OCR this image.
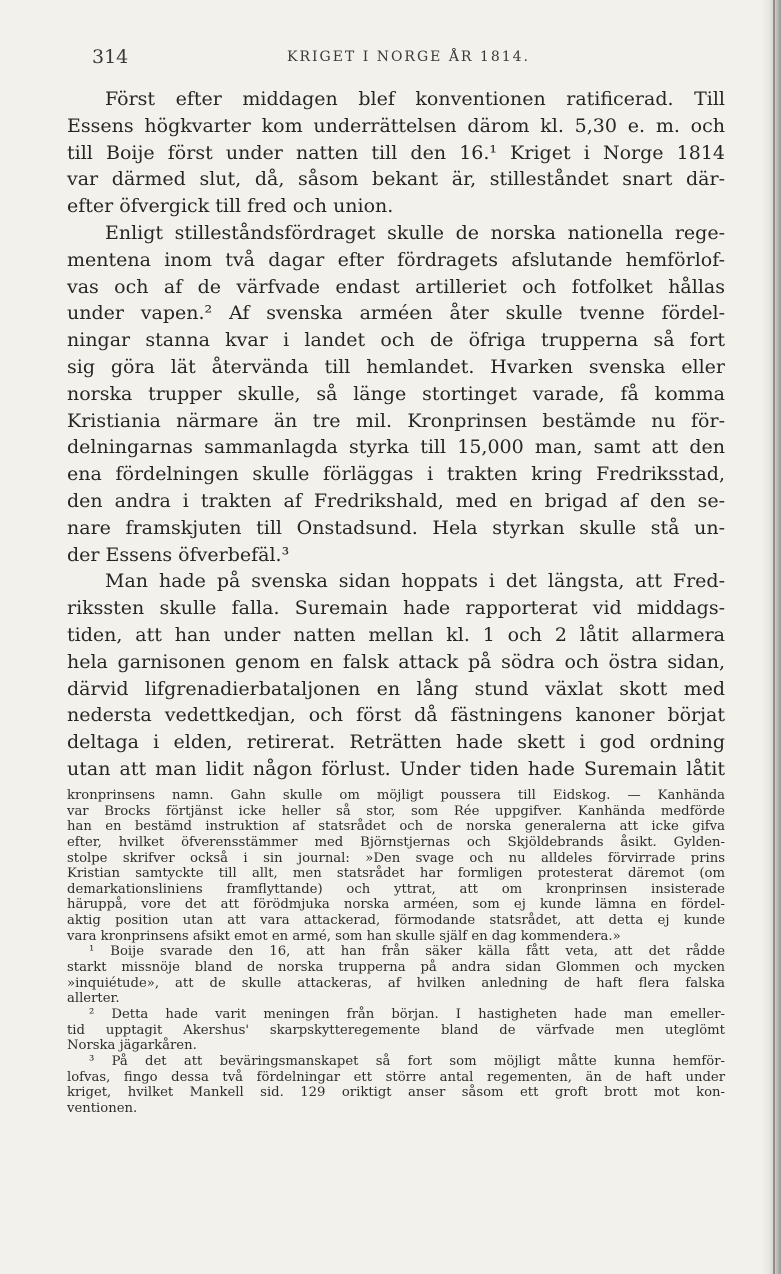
314	KRIGET I NORGE ÅR 1814.
Först efter middagen blef konventionen ratificerad. Till
Essens högkvarter kom underrättelsen därom kl. 5,30 e. m. och
till Boije först under natten till den 16.¹ Kriget i Norge 1814
var därmed slut, då, såsom bekant är, stilleståndet snart där-
efter öfvergick till fred och union.
Enligt stilleståndsfördraget skulle de norska nationella rege-
mentena inom två dagar efter fördragets afslutande hemförlof-
vas och af de värfvade endast artilleriet och fotfolket hållas
under vapen.² Af svenska arméen åter skulle tvenne fördel-
ningar stanna kvar i landet och de öfriga trupperna så fort
sig göra lät återvända till hemlandet. Hvarken svenska eller
norska trupper skulle, så länge stortinget varade, få komma
Kristiania närmare än tre mil. Kronprinsen bestämde nu för-
delningarnas sammanlagda styrka till 15,000 man, samt att den
ena fördelningen skulle förläggas i trakten kring Fredriksstad,
den andra i trakten af Fredrikshald, med en brigad af den se-
nare framskjuten till Onstadsund. Hela styrkan skulle stå un-
der Essens öfverbefäl.³
Man hade på svenska sidan hoppats i det längsta, att Fred-
rikssten skulle falla. Suremain hade rapporterat vid middags-
tiden, att han under natten mellan kl. 1 och 2 låtit allarmera
hela garnisonen genom en falsk attack på södra och östra sidan,
därvid lifgrenadierbataljonen en lång stund växlat skott med
nedersta vedettkedjan, och först då fästningens kanoner börjat
deltaga i elden, retirerat. Reträtten hade skett i god ordning
utan att man lidit någon förlust. Under tiden hade Suremain låtit
kronprinsens namn. Gahn skulle om möjligt poussera till Eidskog. — Kanhända
var Brocks förtjänst icke heller så stor, som Rée uppgifver. Kanhända medförde
han en bestämd instruktion af statsrådet och de norska generalerna att icke gifva
efter, hvilket öfverensstämmer med Björnstjernas och Skjöldebrands åsikt. Gylden-
stolpe skrifver också i sin journal: »Den svage och nu alldeles förvirrade prins
Kristian samtyckte till allt, men statsrådet har formligen protesterat däremot (om
demarkationsliniens framflyttande) och yttrat, att om kronprinsen insisterade
häruppå, vore det att förödmjuka norska arméen, som ej kunde lämna en fördel-
aktig position utan att vara attackerad, förmodande statsrådet, att detta ej kunde
vara kronprinsens afsikt emot en armé, som han skulle själf en dag kommendera.»
¹ Boije svarade den 16, att han från säker källa fått veta, att det rådde
starkt missnöje bland de norska trupperna på andra sidan Glommen och mycken
»inquiétude», att de skulle attackeras, af hvilken anledning de haft flera falska
allerter.
² Detta hade varit meningen från början. I hastigheten hade man emeller-
tid upptagit Akershus' skarpskytteregemente bland de värfvade men uteglömt
Norska jägarkåren.
³ På det att beväringsmanskapet så fort som möjligt måtte kunna hemför-
lofvas, fingo dessa två fördelningar ett större antal regementen, än de haft under
kriget, hvilket Mankell sid. 129 oriktigt anser såsom ett groft brott mot kon-
ventionen.
